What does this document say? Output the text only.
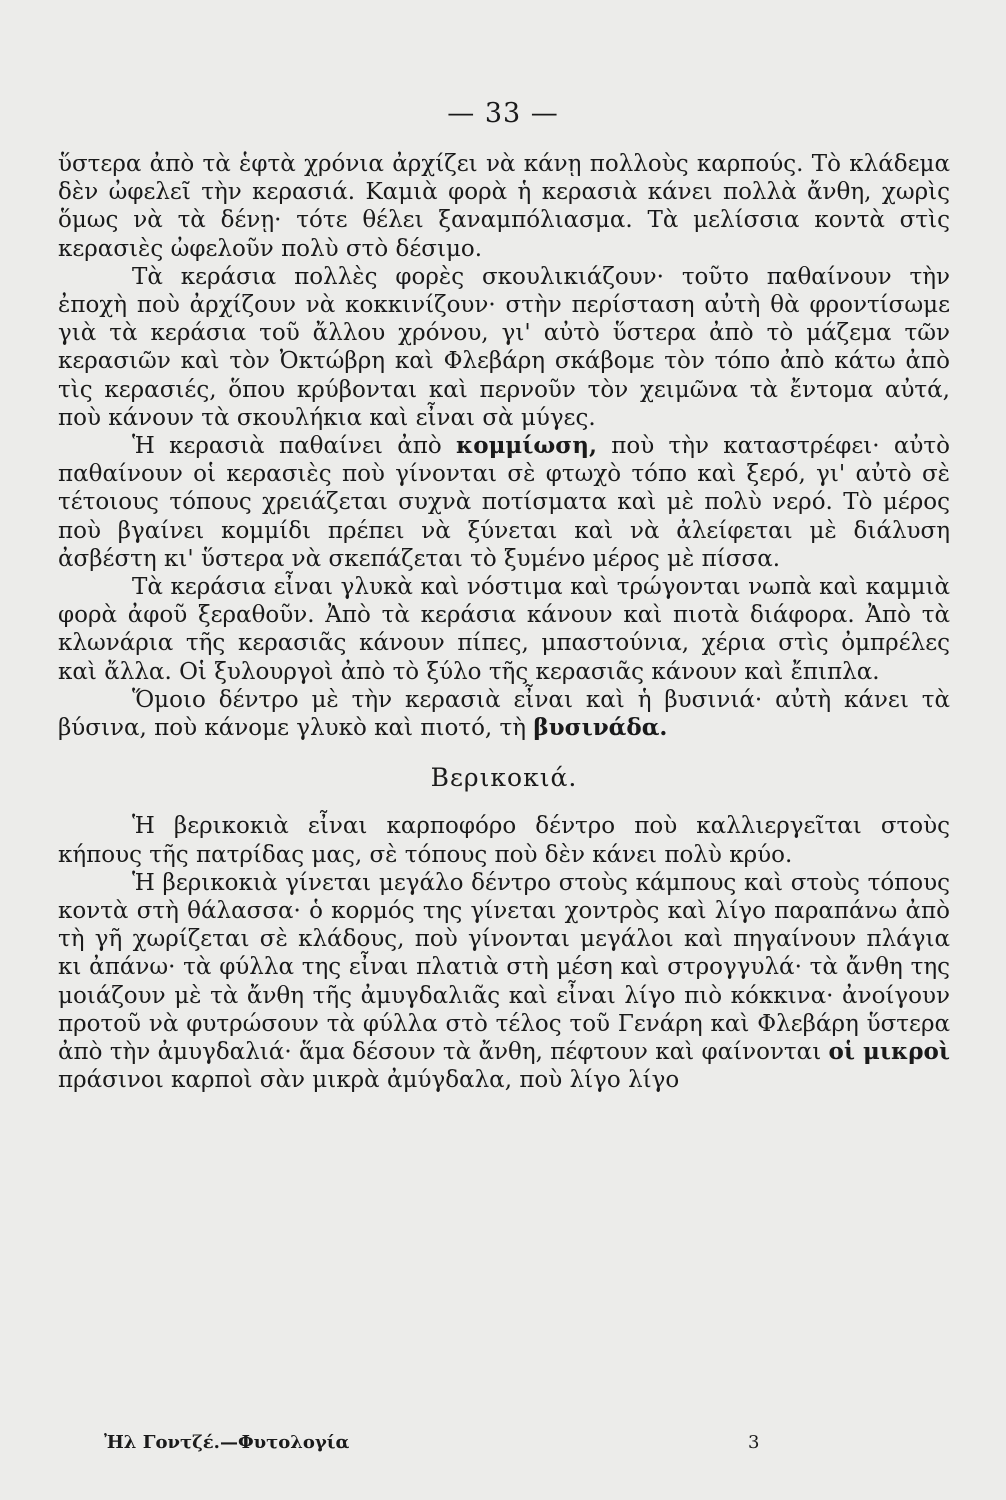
— 33 —

ὕστερα ἀπὸ τὰ ἑφτὰ χρόνια ἀρχίζει νὰ κάνῃ πολλοὺς καρπούς. Τὸ κλάδεμα δὲν ὠφελεῖ τὴν κερασιά. Καμιὰ φορὰ ἡ κερασιὰ κάνει πολλὰ ἄνθη, χωρὶς ὅμως νὰ τὰ δένῃ· τότε θέλει ξαναμπόλιασμα. Τὰ μελίσσια κοντὰ στὶς κερασιὲς ὠφελοῦν πολὺ στὸ δέσιμο.

Τὰ κεράσια πολλὲς φορὲς σκουλικιάζουν· τοῦτο παθαίνουν τὴν ἐποχὴ ποὺ ἀρχίζουν νὰ κοκκινίζουν· στὴν περίσταση αὐτὴ θὰ φροντίσωμε γιὰ τὰ κεράσια τοῦ ἄλλου χρόνου, γι' αὐτὸ ὕστερα ἀπὸ τὸ μάζεμα τῶν κερασιῶν καὶ τὸν Ὀκτώβρη καὶ Φλεβάρη σκάβομε τὸν τόπο ἀπὸ κάτω ἀπὸ τὶς κερασιές, ὅπου κρύβονται καὶ περνοῦν τὸν χειμῶνα τὰ ἔντομα αὐτά, ποὺ κάνουν τὰ σκουλήκια καὶ εἶναι σὰ μύγες.

Ἡ κερασιὰ παθαίνει ἀπὸ κομμίωση, ποὺ τὴν καταστρέφει· αὐτὸ παθαίνουν οἱ κερασιὲς ποὺ γίνονται σὲ φτωχὸ τόπο καὶ ξερό, γι' αὐτὸ σὲ τέτοιους τόπους χρειάζεται συχνὰ ποτίσματα καὶ μὲ πολὺ νερό. Τὸ μέρος ποὺ βγαίνει κομμίδι πρέπει νὰ ξύνεται καὶ νὰ ἀλείφεται μὲ διάλυση ἀσβέστη κι' ὕστερα νὰ σκεπάζεται τὸ ξυμένο μέρος μὲ πίσσα.

Τὰ κεράσια εἶναι γλυκὰ καὶ νόστιμα καὶ τρώγονται νωπὰ καὶ καμμιὰ φορὰ ἀφοῦ ξεραθοῦν. Ἀπὸ τὰ κεράσια κάνουν καὶ πιοτὰ διάφορα. Ἀπὸ τὰ κλωνάρια τῆς κερασιᾶς κάνουν πίπες, μπαστούνια, χέρια στὶς ὀμπρέλες καὶ ἄλλα. Οἱ ξυλουργοὶ ἀπὸ τὸ ξύλο τῆς κερασιᾶς κάνουν καὶ ἔπιπλα.

Ὅμοιο δέντρο μὲ τὴν κερασιὰ εἶναι καὶ ἡ βυσινιά· αὐτὴ κάνει τὰ βύσινα, ποὺ κάνομε γλυκὸ καὶ πιοτό, τὴ βυσινάδα.

Βερικοκιά.

Ἡ βερικοκιὰ εἶναι καρποφόρο δέντρο ποὺ καλλιεργεῖται στοὺς κήπους τῆς πατρίδας μας, σὲ τόπους ποὺ δὲν κάνει πολὺ κρύο.

Ἡ βερικοκιὰ γίνεται μεγάλο δέντρο στοὺς κάμπους καὶ στοὺς τόπους κοντὰ στὴ θάλασσα· ὁ κορμός της γίνεται χοντρὸς καὶ λίγο παραπάνω ἀπὸ τὴ γῆ χωρίζεται σὲ κλάδους, ποὺ γίνονται μεγάλοι καὶ πηγαίνουν πλάγια κι ἀπάνω· τὰ φύλλα της εἶναι πλατιὰ στὴ μέση καὶ στρογγυλά· τὰ ἄνθη της μοιάζουν μὲ τὰ ἄνθη τῆς ἀμυγδαλιᾶς καὶ εἶναι λίγο πιὸ κόκκινα· ἀνοίγουν προτοῦ νὰ φυτρώσουν τὰ φύλλα στὸ τέλος τοῦ Γενάρη καὶ Φλεβάρη ὕστερα ἀπὸ τὴν ἀμυγδαλιά· ἅμα δέσουν τὰ ἄνθη, πέφτουν καὶ φαίνονται οἱ μικροὶ πράσινοι καρποὶ σὰν μικρὰ ἀμύγδαλα, ποὺ λίγο λίγο

Ἠλ Γοντζέ.—Φυτολογία	3
